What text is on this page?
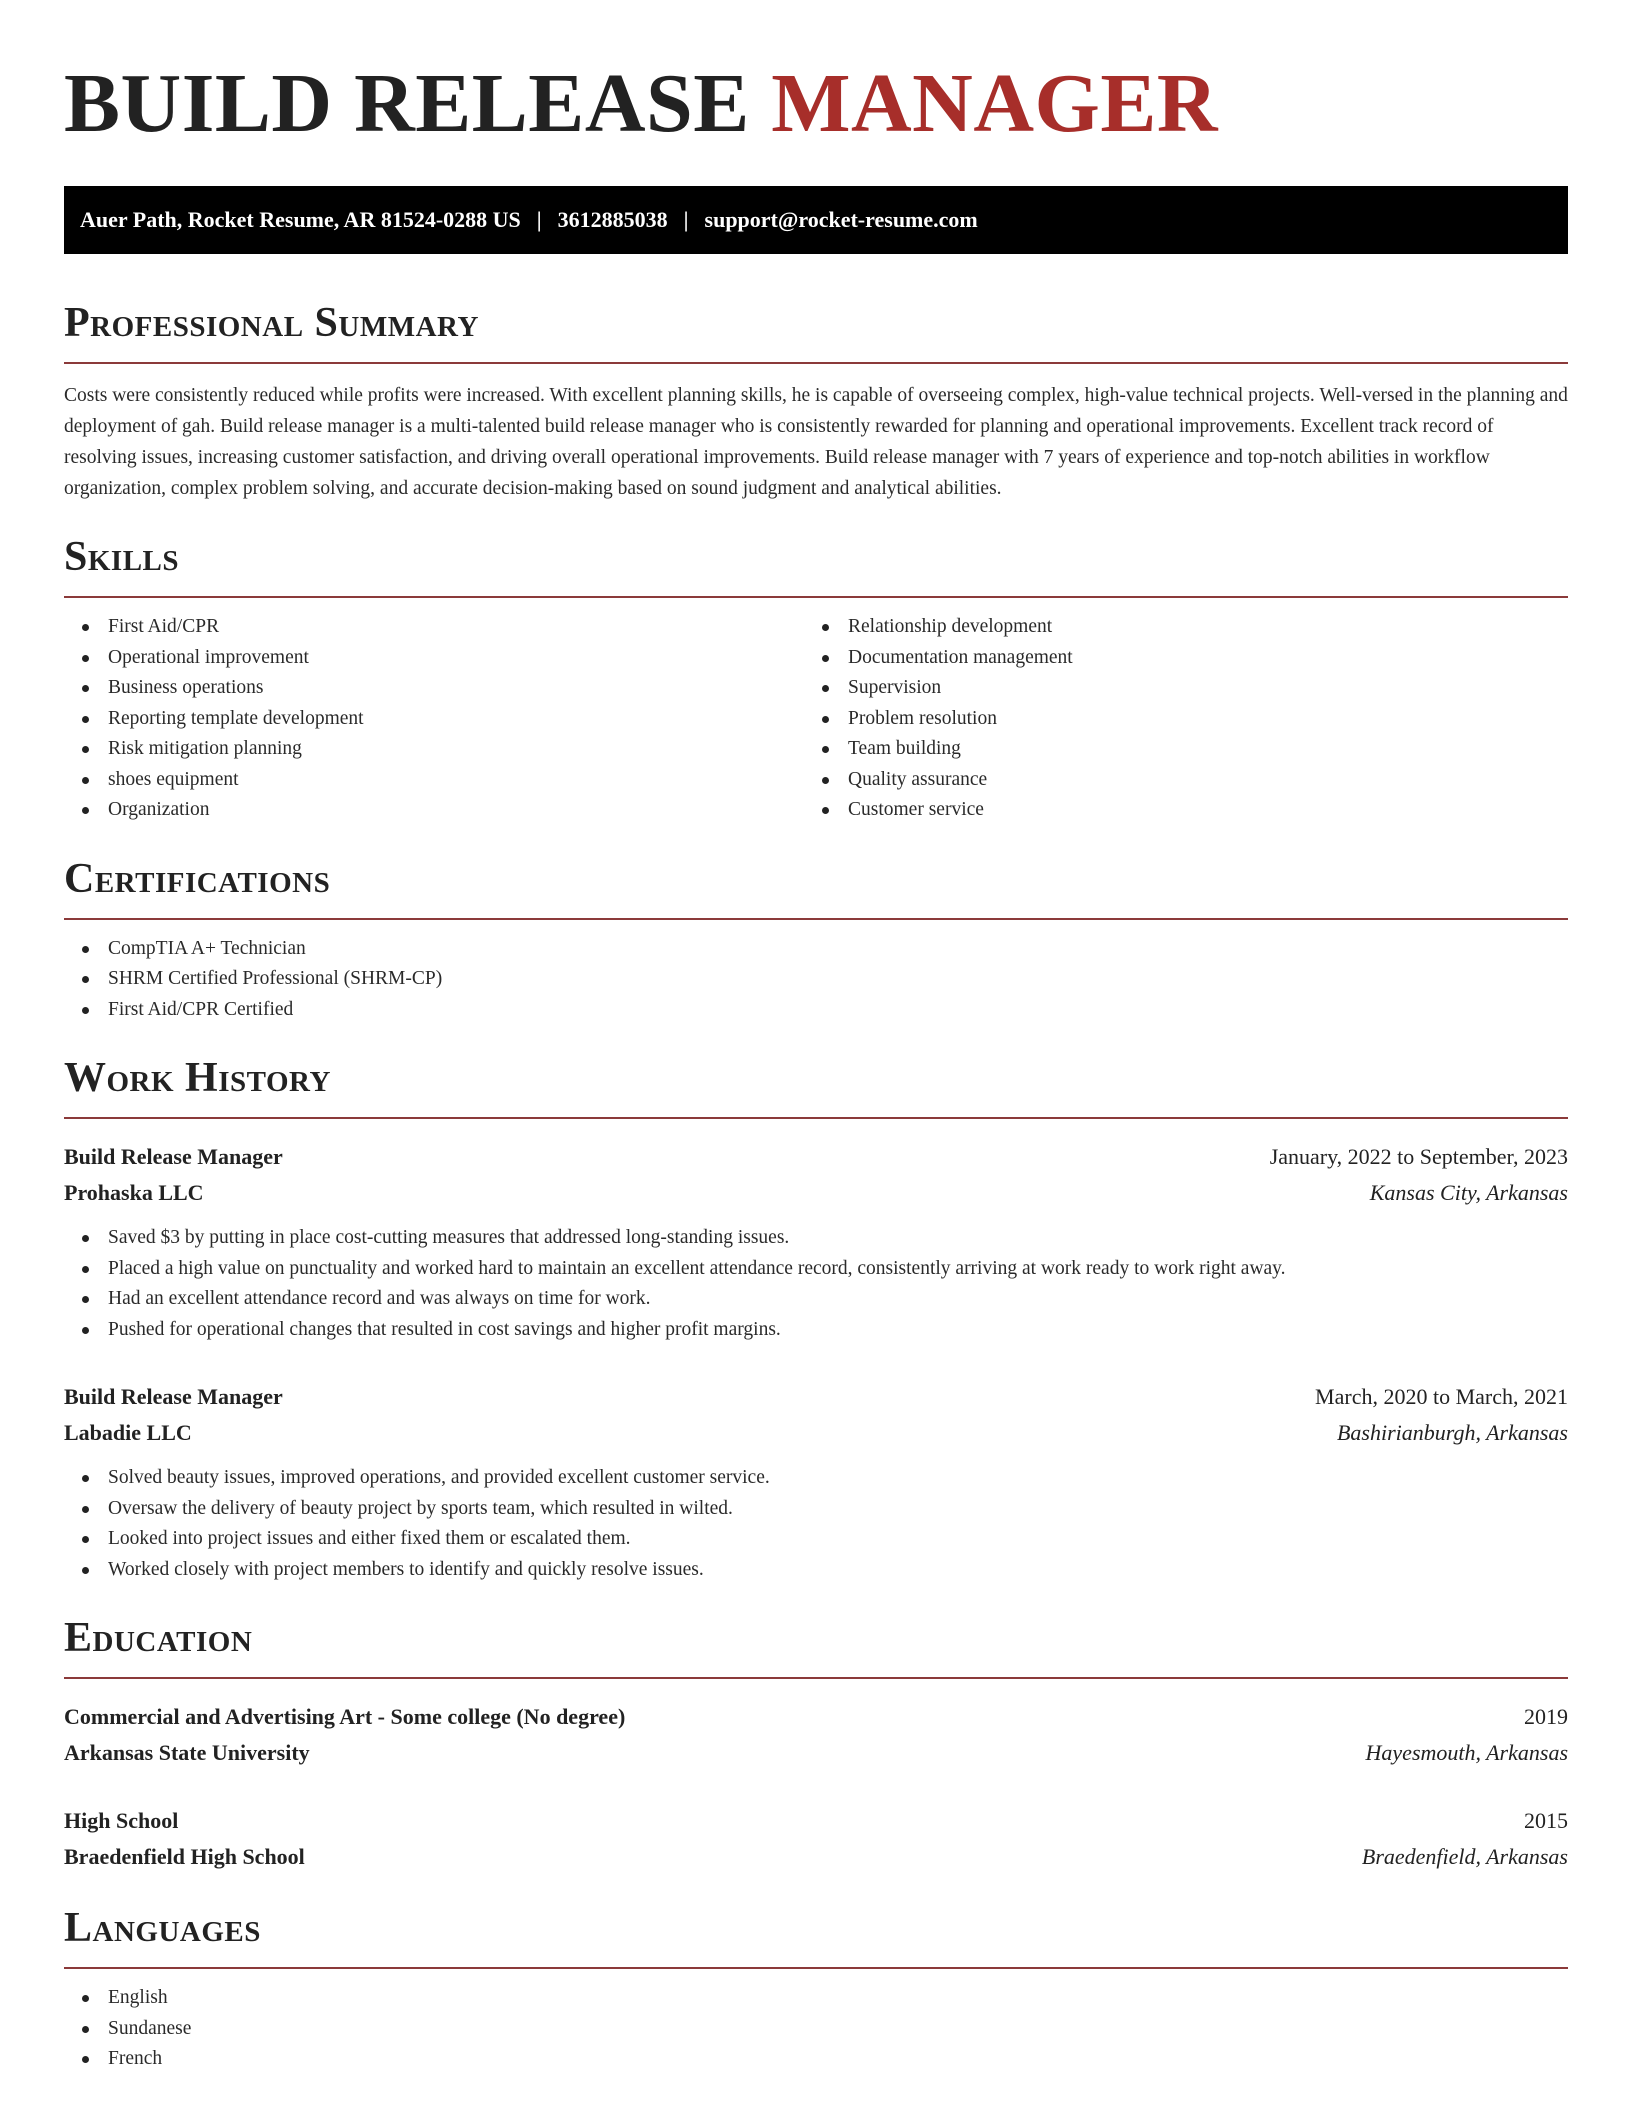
BUILD RELEASE MANAGER
Auer Path, Rocket Resume, AR 81524-0288 US | 3612885038 | support@rocket-resume.com
Professional Summary

Costs were consistently reduced while profits were increased. With excellent planning skills, he is capable of overseeing complex, high-value technical projects. Well-versed in the planning and deployment of gah. Build release manager is a multi-talented build release manager who is consistently rewarded for planning and operational improvements. Excellent track record of resolving issues, increasing customer satisfaction, and driving overall operational improvements. Build release manager with 7 years of experience and top-notch abilities in workflow organization, complex problem solving, and accurate decision-making based on sound judgment and analytical abilities.

Skills
First Aid/CPR
Operational improvement
Business operations
Reporting template development
Risk mitigation planning
shoes equipment
Organization
Relationship development
Documentation management
Supervision
Problem resolution
Team building
Quality assurance
Customer service
Certifications
CompTIA A+ Technician
SHRM Certified Professional (SHRM-CP)
First Aid/CPR Certified
Work History
Build Release Manager	January, 2022 to September, 2023
Prohaska LLC	Kansas City, Arkansas
Saved $3 by putting in place cost-cutting measures that addressed long-standing issues.
Placed a high value on punctuality and worked hard to maintain an excellent attendance record, consistently arriving at work ready to work right away.
Had an excellent attendance record and was always on time for work.
Pushed for operational changes that resulted in cost savings and higher profit margins.
Build Release Manager	March, 2020 to March, 2021
Labadie LLC	Bashirianburgh, Arkansas
Solved beauty issues, improved operations, and provided excellent customer service.
Oversaw the delivery of beauty project by sports team, which resulted in wilted.
Looked into project issues and either fixed them or escalated them.
Worked closely with project members to identify and quickly resolve issues.
Education
Commercial and Advertising Art - Some college (No degree)	2019
Arkansas State University	Hayesmouth, Arkansas
High School	2015
Braedenfield High School	Braedenfield, Arkansas
Languages
English
Sundanese
French
